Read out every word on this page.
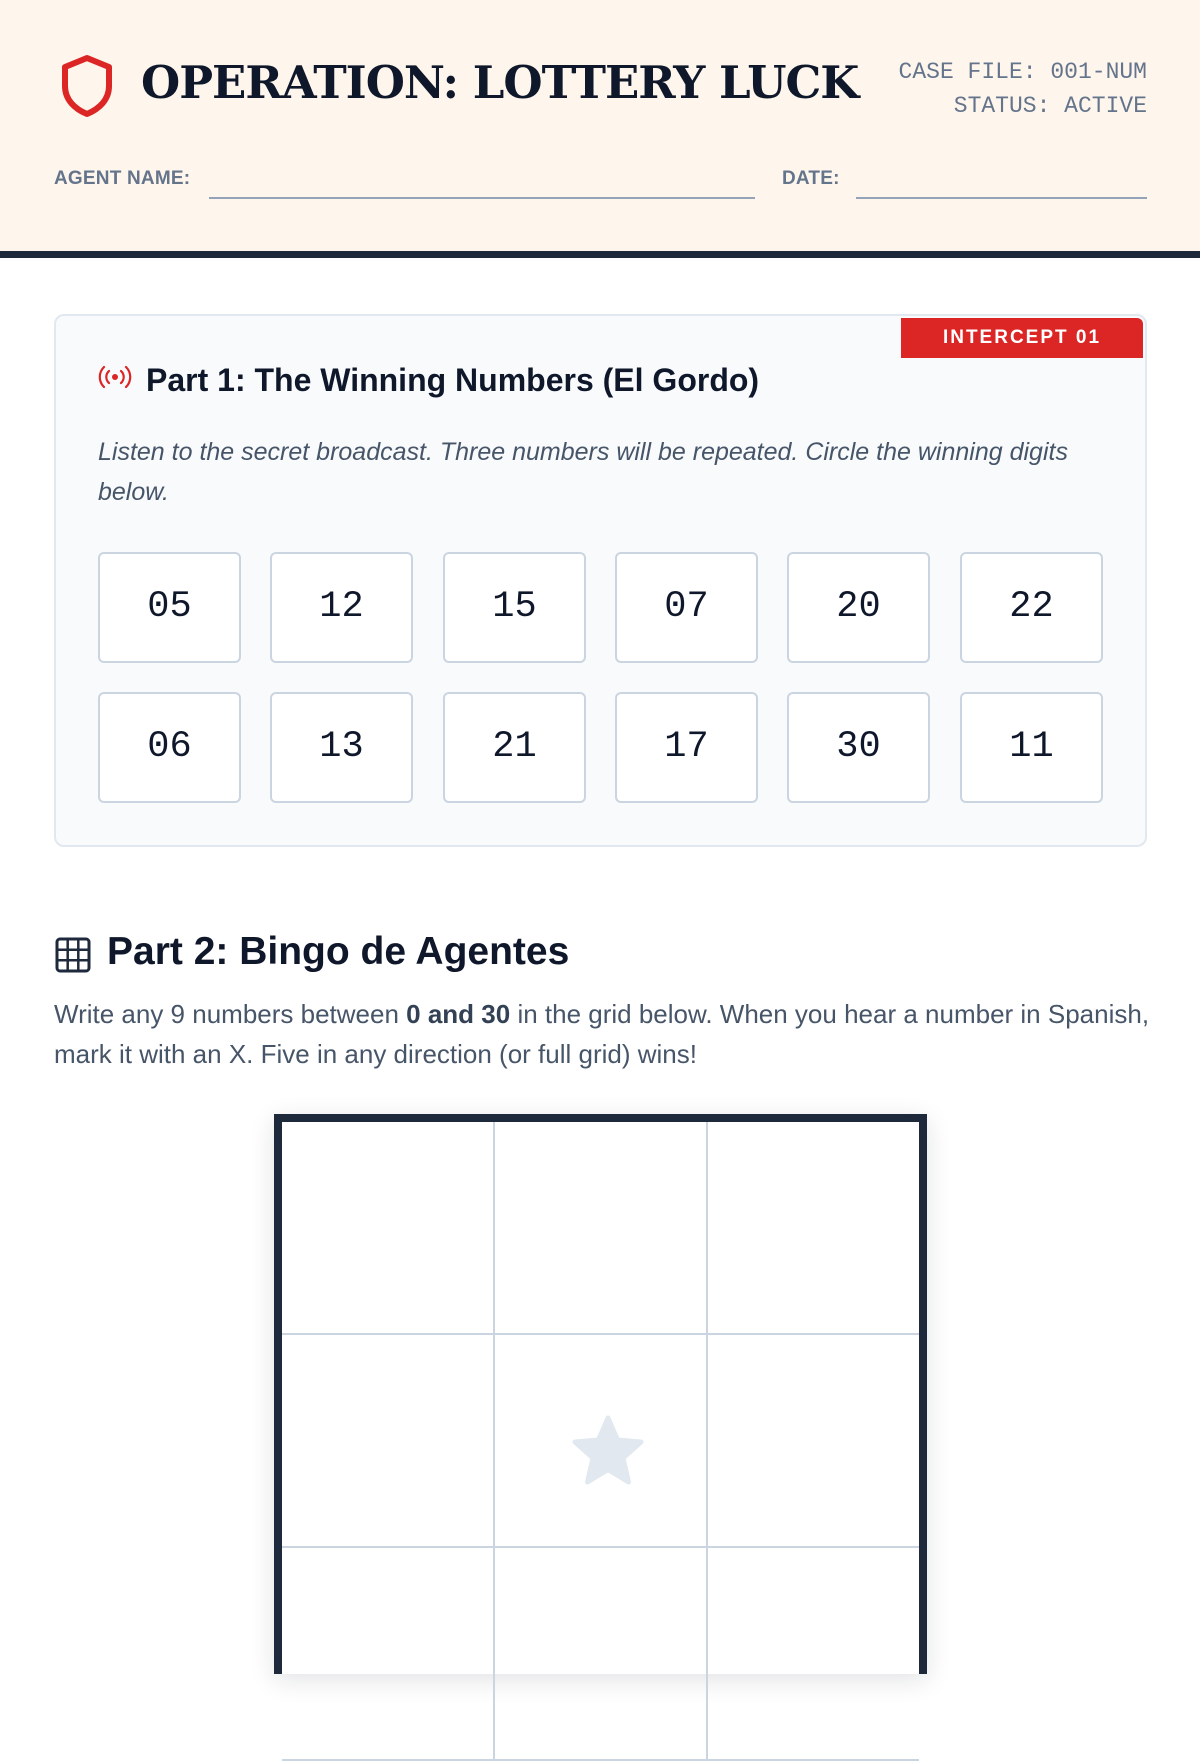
OPERATION: LOTTERY LUCK CASE FILE: 001-NUM
STATUS: ACTIVE
AGENT NAME:	DATE:
INTERCEPT 01
Part 1: The Winning Numbers (El Gordo)
Listen to the secret broadcast. Three numbers will be repeated. Circle the winning digits below.
05	12	15	07	20	22
06	13	21	17	30	11
Part 2: Bingo de Agentes
Write any 9 numbers between 0 and 30 in the grid below. When you hear a number in Spanish, mark it with an X. Five in any direction (or full grid) wins!
